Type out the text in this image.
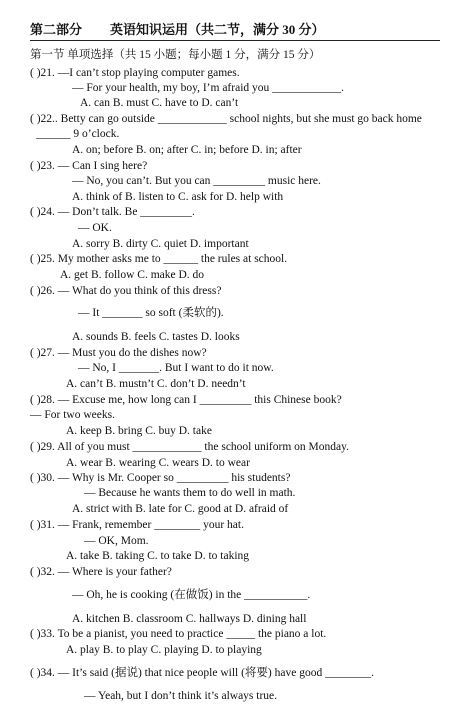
第二部分 英语知识运用（共二节，满分 30 分）
第一节 单项选择（共 15 小题；每小题 1 分，满分 15 分）
( )21. —I can’t stop playing computer games.
— For your health, my boy, I’m afraid you ____________.
A. can B. must C. have to D. can’t
( )22.. Betty can go outside ____________ school nights, but she must go back home
______ 9 o’clock.
A. on; before B. on; after C. in; before D. in; after
( )23. — Can I sing here?
— No, you can’t. But you can _________ music here.
A. think of B. listen to C. ask for D. help with
( )24. — Don’t talk. Be _________.
— OK.
A. sorry B. dirty C. quiet D. important
( )25. My mother asks me to ______ the rules at school.
A. get B. follow C. make D. do
( )26. — What do you think of this dress?
— It _______ so soft (柔软的).
A. sounds B. feels C. tastes D. looks
( )27. — Must you do the dishes now?
— No, I _______. But I want to do it now.
A. can’t B. mustn’t C. don’t D. needn’t
( )28. — Excuse me, how long can I _________ this Chinese book?
— For two weeks.
A. keep B. bring C. buy D. take
( )29. All of you must ____________ the school uniform on Monday.
A. wear B. wearing C. wears D. to wear
( )30. — Why is Mr. Cooper so _________ his students?
— Because he wants them to do well in math.
A. strict with B. late for C. good at D. afraid of
( )31. — Frank, remember ________ your hat.
— OK, Mom.
A. take B. taking C. to take D. to taking
( )32. — Where is your father?
— Oh, he is cooking (在做饭) in the ___________.
A. kitchen B. classroom C. hallways D. dining hall
( )33. To be a pianist, you need to practice _____ the piano a lot.
A. play B. to play C. playing D. to playing
( )34. — It’s said (据说) that nice people will (将要) have good ________.
— Yeah, but I don’t think it’s always true.
